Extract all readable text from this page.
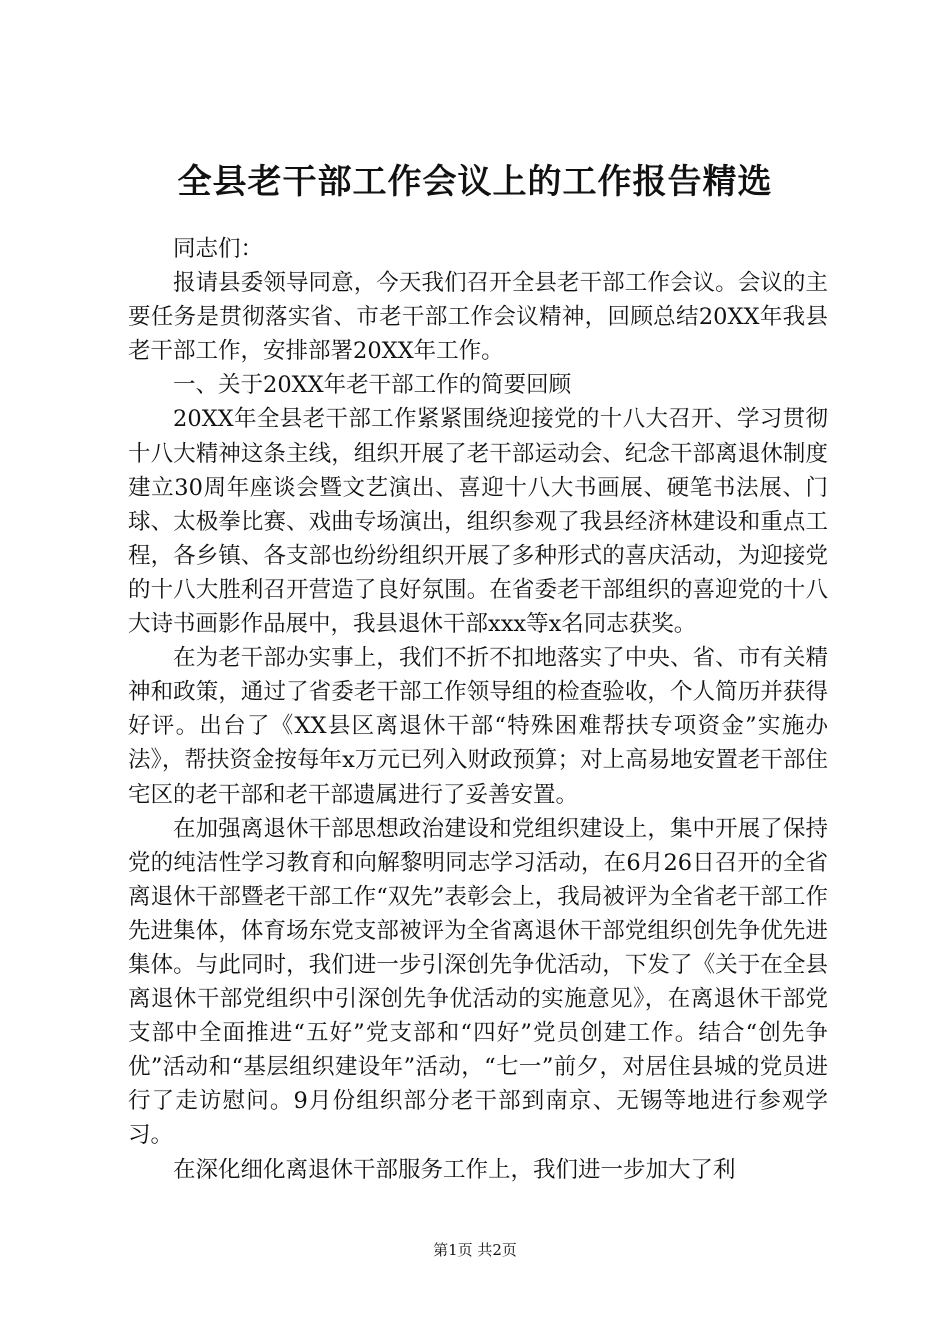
全县老干部工作会议上的工作报告精选

同志们：

报请县委领导同意，今天我们召开全县老干部工作会议。会议的主要任务是贯彻落实省、市老干部工作会议精神，回顾总结20XX年我县老干部工作，安排部署20XX年工作。

一、关于20XX年老干部工作的简要回顾

20XX年全县老干部工作紧紧围绕迎接党的十八大召开、学习贯彻十八大精神这条主线，组织开展了老干部运动会、纪念干部离退休制度建立30周年座谈会暨文艺演出、喜迎十八大书画展、硬笔书法展、门球、太极拳比赛、戏曲专场演出，组织参观了我县经济林建设和重点工程，各乡镇、各支部也纷纷组织开展了多种形式的喜庆活动，为迎接党的十八大胜利召开营造了良好氛围。在省委老干部组织的喜迎党的十八大诗书画影作品展中，我县退休干部xxx等x名同志获奖。

在为老干部办实事上，我们不折不扣地落实了中央、省、市有关精神和政策，通过了省委老干部工作领导组的检查验收，个人简历并获得好评。出台了《XX县区离退休干部“特殊困难帮扶专项资金”实施办法》，帮扶资金按每年x万元已列入财政预算；对上高易地安置老干部住宅区的老干部和老干部遗属进行了妥善安置。

在加强离退休干部思想政治建设和党组织建设上，集中开展了保持党的纯洁性学习教育和向解黎明同志学习活动，在6月26日召开的全省离退休干部暨老干部工作“双先”表彰会上，我局被评为全省老干部工作先进集体，体育场东党支部被评为全省离退休干部党组织创先争优先进集体。与此同时，我们进一步引深创先争优活动，下发了《关于在全县离退休干部党组织中引深创先争优活动的实施意见》，在离退休干部党支部中全面推进“五好”党支部和“四好”党员创建工作。结合“创先争优”活动和“基层组织建设年”活动，“七一”前夕，对居住县城的党员进行了走访慰问。9月份组织部分老干部到南京、无锡等地进行参观学习。

在深化细化离退休干部服务工作上，我们进一步加大了利

第1页 共2页
